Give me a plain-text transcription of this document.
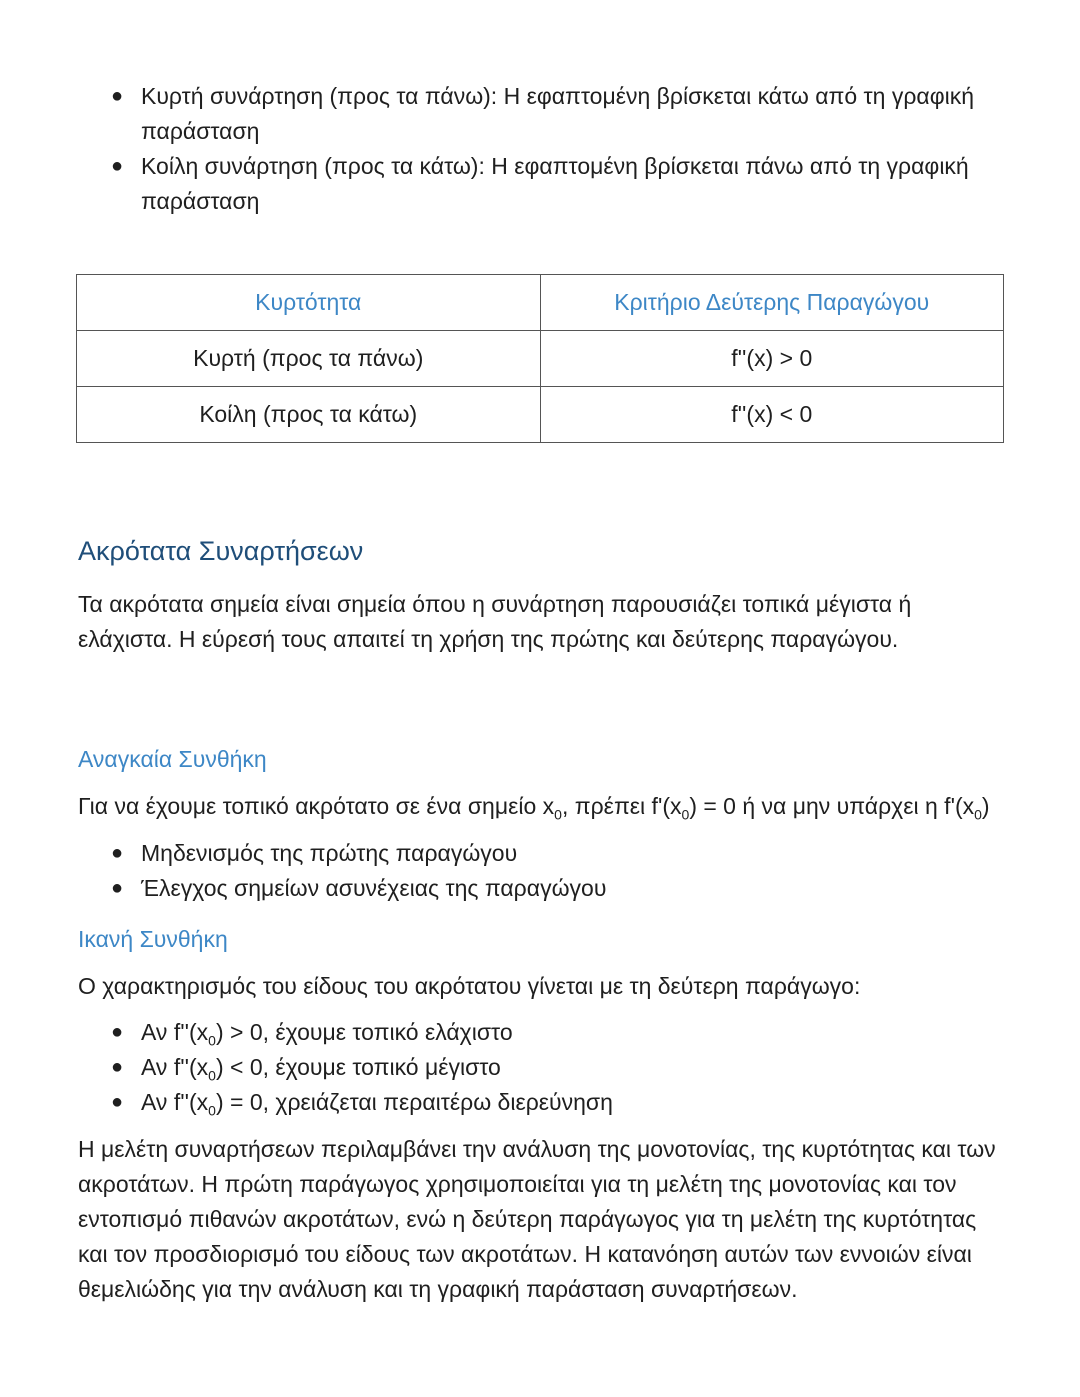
● Κυρτή συνάρτηση (προς τα πάνω): Η εφαπτομένη βρίσκεται κάτω από τη γραφική παράσταση
● Κοίλη συνάρτηση (προς τα κάτω): Η εφαπτομένη βρίσκεται πάνω από τη γραφική παράσταση
Κυρτότητα	Κριτήριο Δεύτερης Παραγώγου
Κυρτή (προς τα πάνω)	f''(x) > 0
Κοίλη (προς τα κάτω)	f''(x) < 0
Ακρότατα Συναρτήσεων

Τα ακρότατα σημεία είναι σημεία όπου η συνάρτηση παρουσιάζει τοπικά μέγιστα ή ελάχιστα. Η εύρεσή τους απαιτεί τη χρήση της πρώτης και δεύτερης παραγώγου.

Αναγκαία Συνθήκη

Για να έχουμε τοπικό ακρότατο σε ένα σημείο $x_0$, πρέπει $f'(x_0) = 0$ ή να μην υπάρχει η $f'(x_0)$

● Μηδενισμός της πρώτης παραγώγου
● Έλεγχος σημείων ασυνέχειας της παραγώγου
Ικανή Συνθήκη

Ο χαρακτηρισμός του είδους του ακρότατου γίνεται με τη δεύτερη παράγωγο:

● Αν $f''(x_0) > 0$, έχουμε τοπικό ελάχιστο
● Αν $f''(x_0) < 0$, έχουμε τοπικό μέγιστο
● Αν $f''(x_0) = 0$, χρειάζεται περαιτέρω διερεύνηση

Η μελέτη συναρτήσεων περιλαμβάνει την ανάλυση της μονοτονίας, της κυρτότητας και των ακροτάτων. Η πρώτη παράγωγος χρησιμοποιείται για τη μελέτη της μονοτονίας και τον εντοπισμό πιθανών ακροτάτων, ενώ η δεύτερη παράγωγος για τη μελέτη της κυρτότητας και τον προσδιορισμό του είδους των ακροτάτων. Η κατανόηση αυτών των εννοιών είναι θεμελιώδης για την ανάλυση και τη γραφική παράσταση συναρτήσεων.
